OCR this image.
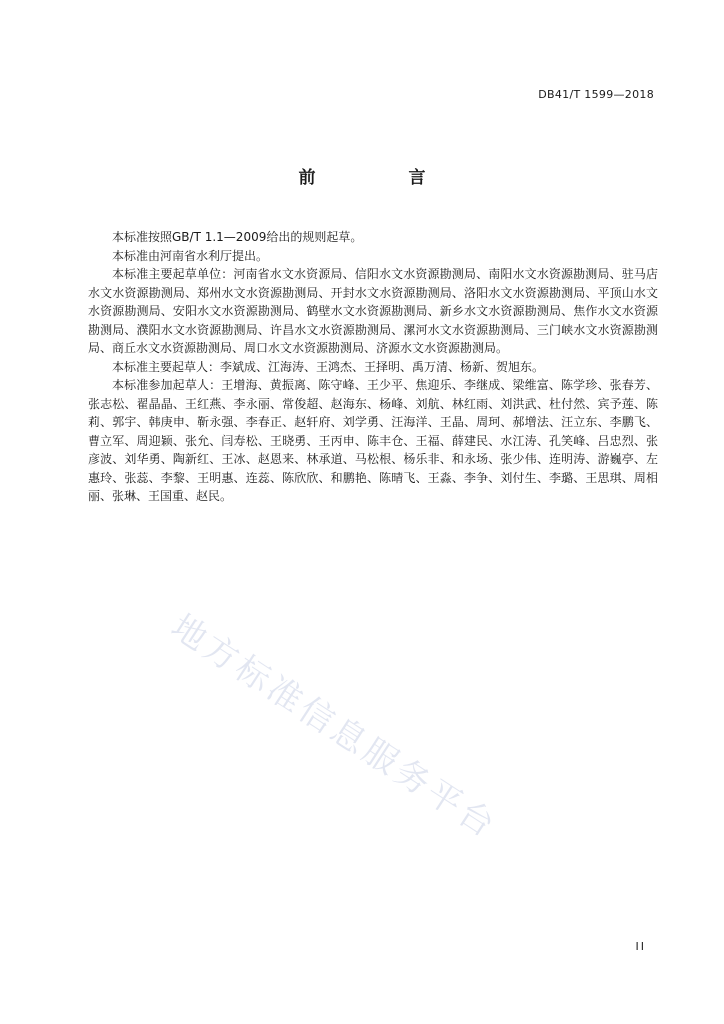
DB41/T 1599—2018
前　言

本标准按照GB/T 1.1—2009给出的规则起草。

本标准由河南省水利厅提出。

本标准主要起草单位：河南省水文水资源局、信阳水文水资源勘测局、南阳水文水资源勘测局、驻马店水文水资源勘测局、郑州水文水资源勘测局、开封水文水资源勘测局、洛阳水文水资源勘测局、平顶山水文水资源勘测局、安阳水文水资源勘测局、鹤壁水文水资源勘测局、新乡水文水资源勘测局、焦作水文水资源勘测局、濮阳水文水资源勘测局、许昌水文水资源勘测局、漯河水文水资源勘测局、三门峡水文水资源勘测局、商丘水文水资源勘测局、周口水文水资源勘测局、济源水文水资源勘测局。

本标准主要起草人：李斌成、江海涛、王鸿杰、王择明、禹万清、杨新、贺旭东。

本标准参加起草人：王增海、黄振离、陈守峰、王少平、焦迎乐、李继成、梁维富、陈学珍、张春芳、张志松、翟晶晶、王红燕、李永丽、常俊超、赵海东、杨峰、刘航、林红雨、刘洪武、杜付然、宾予莲、陈莉、郭宇、韩庚申、靳永强、李春正、赵轩府、刘学勇、汪海洋、王晶、周珂、郝增法、汪立东、李鹏飞、曹立军、周迎颖、张允、闫寿松、王晓勇、王丙申、陈丰仓、王福、薛建民、水江涛、孔笑峰、吕忠烈、张彦波、刘华勇、陶新红、王冰、赵恩来、林承道、马松根、杨乐非、和永场、张少伟、连明涛、游巍亭、左惠玲、张蕊、李黎、王明惠、连蕊、陈欣欣、和鹏艳、陈晴飞、王淼、李争、刘付生、李璐、王思琪、周相丽、张琳、王国重、赵民。

地方标准信息服务平台
II
